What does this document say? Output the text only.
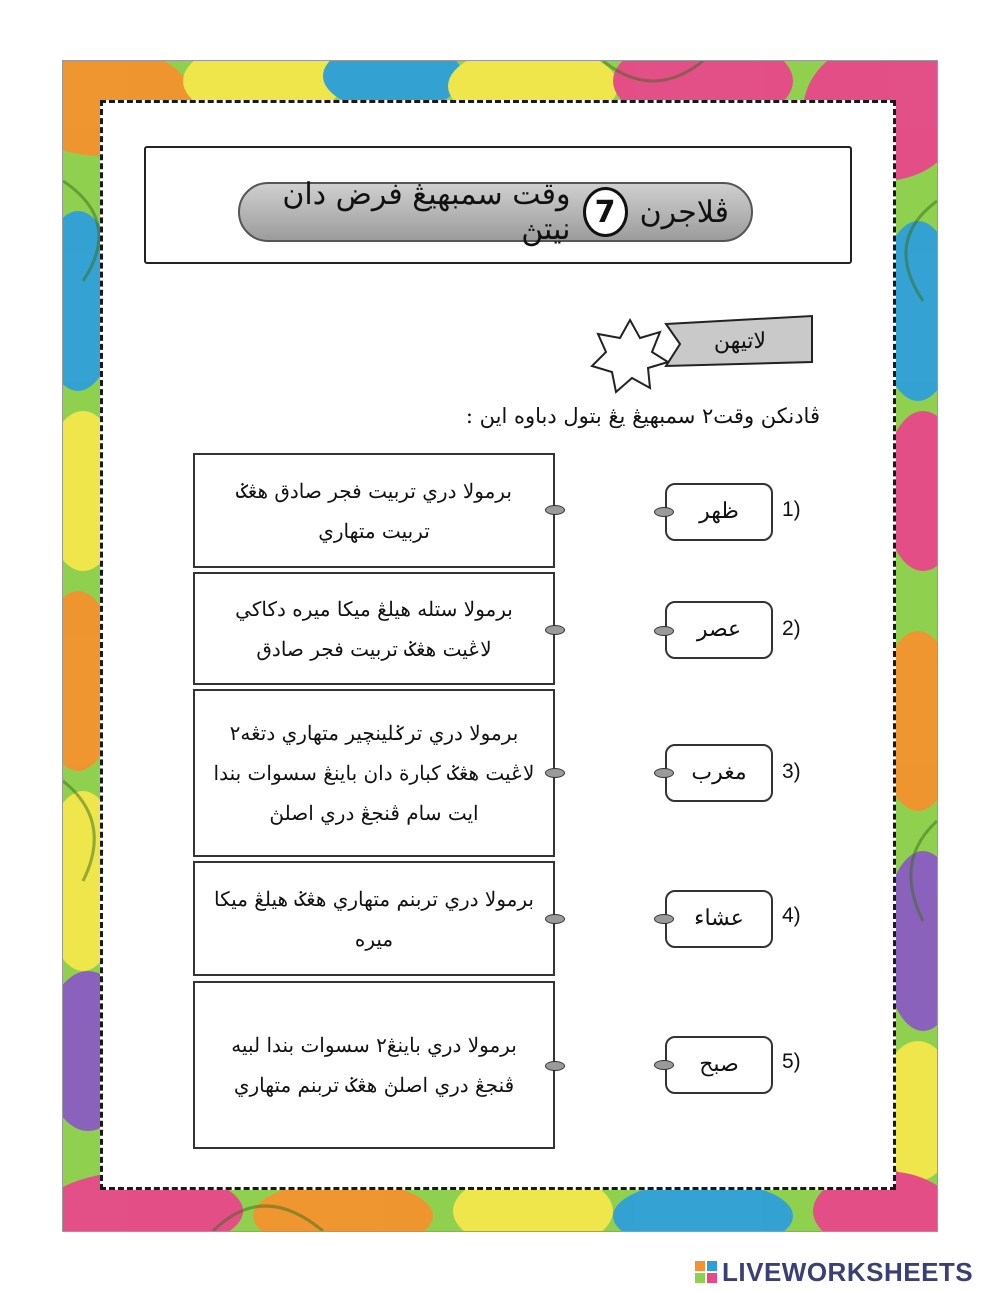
ڤلاجرن
7
وقت سمبهيڠ فرض دان نيتڽ
لاتيهن
ڤادنكن وقت٢ سمبهيڠ يڠ بتول دباوه اين :
برمولا دري تربيت فجر صادق هڠݢ تربيت متهاري
برمولا ستله هيلڠ ميكا ميره دكاكي لاڠيت هڠݢ تربيت فجر صادق
برمولا دري ترݢلينچير متهاري دتڠه٢ لاڠيت هڠݢ كبارة دان باينڠ سسوات بندا ايت سام ڤنجڠ دري اصلڽ
برمولا دري تربنم متهاري هڠݢ هيلڠ ميكا ميره
برمولا دري باينڠ٢ سسوات بندا لبيه ڤنجڠ دري اصلڽ هڠݢ تربنم متهاري
ظهر
عصر
مغرب
عشاء
صبح
1)
2)
3)
4)
5)
LIVEWORKSHEETS
